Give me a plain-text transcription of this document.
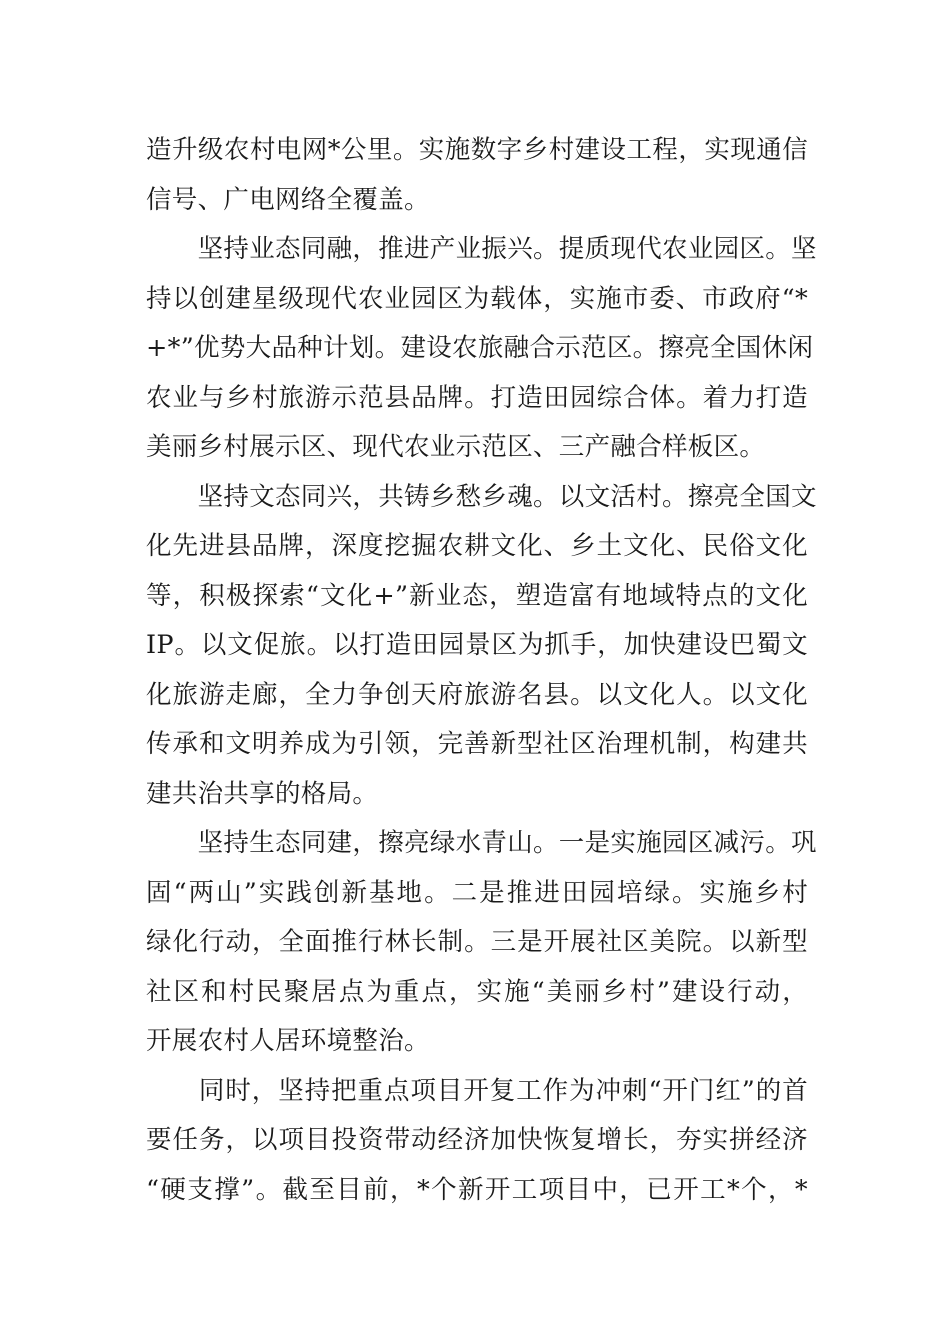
造升级农村电网*公里。实施数字乡村建设工程，实现通信
信号、广电网络全覆盖。
　　坚持业态同融，推进产业振兴。提质现代农业园区。坚
持以创建星级现代农业园区为载体，实施市委、市政府“*
+*”优势大品种计划。建设农旅融合示范区。擦亮全国休闲
农业与乡村旅游示范县品牌。打造田园综合体。着力打造
美丽乡村展示区、现代农业示范区、三产融合样板区。
　　坚持文态同兴，共铸乡愁乡魂。以文活村。擦亮全国文
化先进县品牌，深度挖掘农耕文化、乡土文化、民俗文化
等，积极探索“文化+”新业态，塑造富有地域特点的文化
IP。以文促旅。以打造田园景区为抓手，加快建设巴蜀文
化旅游走廊，全力争创天府旅游名县。以文化人。以文化
传承和文明养成为引领，完善新型社区治理机制，构建共
建共治共享的格局。
　　坚持生态同建，擦亮绿水青山。一是实施园区减污。巩
固“两山”实践创新基地。二是推进田园培绿。实施乡村
绿化行动，全面推行林长制。三是开展社区美院。以新型
社区和村民聚居点为重点，实施“美丽乡村”建设行动，
开展农村人居环境整治。
　　同时，坚持把重点项目开复工作为冲刺“开门红”的首
要任务，以项目投资带动经济加快恢复增长，夯实拼经济
“硬支撑”。截至目前，*个新开工项目中，已开工*个，*
